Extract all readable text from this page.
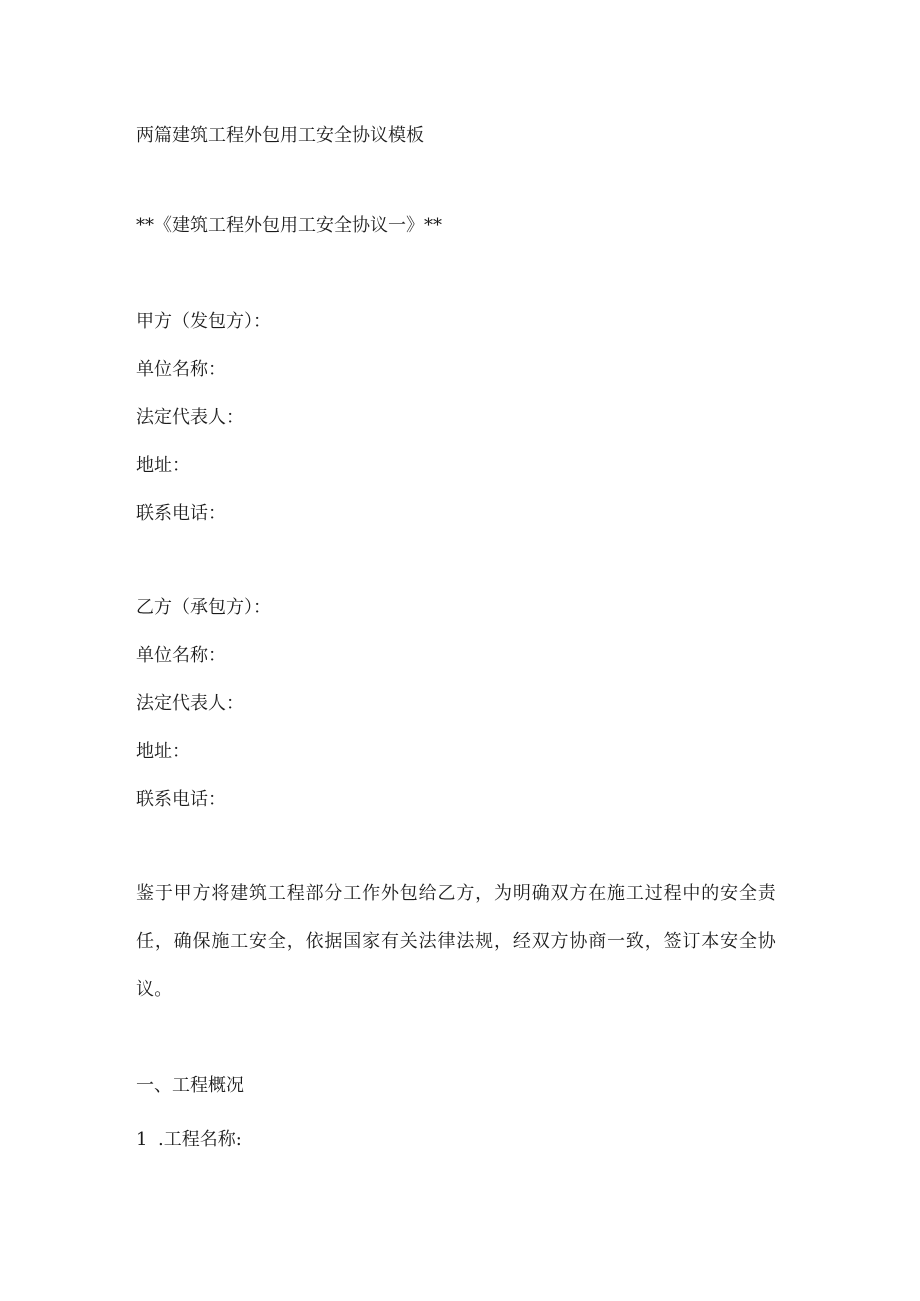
两篇建筑工程外包用工安全协议模板

**《建筑工程外包用工安全协议一》**

甲方（发包方）：

单位名称：

法定代表人：

地址：

联系电话：

乙方（承包方）：

单位名称：

法定代表人：

地址：

联系电话：

鉴于甲方将建筑工程部分工作外包给乙方，为明确双方在施工过程中的安全责任，确保施工安全，依据国家有关法律法规，经双方协商一致，签订本安全协议。

一、工程概况

1 .工程名称:
